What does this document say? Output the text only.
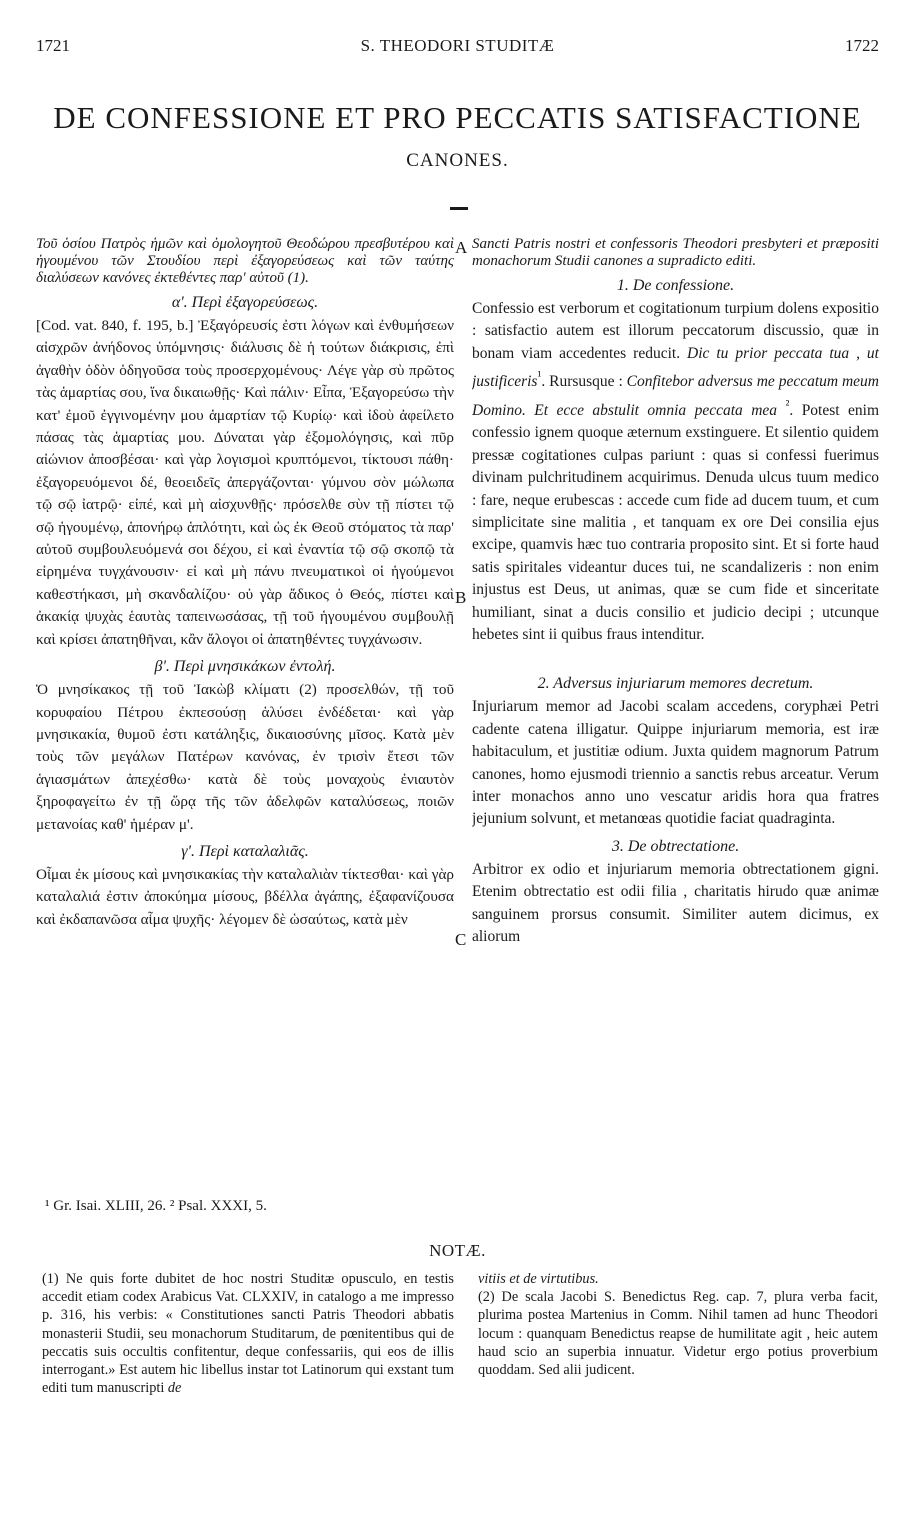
1721	S. THEODORI STUDITÆ	1722
DE CONFESSIONE ET PRO PECCATIS SATISFACTIONE
CANONES.

Τοῦ ὁσίου Πατρὸς ἡμῶν καὶ ὁμολογητοῦ Θεοδώρου πρεσβυτέρου καὶ ἡγουμένου τῶν Στουδίου περὶ ἐξαγορεύσεως καὶ τῶν ταύτης διαλύσεων κανόνες ἐκτεθέντες παρ' αὐτοῦ (1).

α'. Περὶ ἐξαγορεύσεως.

[Cod. vat. 840, f. 195, b.] Ἐξαγόρευσίς ἐστι λόγων καὶ ἐνθυμήσεων αἰσχρῶν ἀνήδονος ὑπόμνησις· διάλυσις δὲ ἡ τούτων διάκρισις, ἐπὶ ἀγαθὴν ὁδὸν ὁδηγοῦσα τοὺς προσερχομένους· Λέγε γὰρ σὺ πρῶτος τὰς ἁμαρτίας σου, ἵνα δικαιωθῇς· Καὶ πάλιν· Εἶπα, Ἐξαγορεύσω τὴν κατ' ἐμοῦ ἐγγινομένην μου ἁμαρτίαν τῷ Κυρίῳ· καὶ ἰδοὺ ἀφείλετο πάσας τὰς ἁμαρτίας μου. Δύναται γὰρ ἐξομολόγησις, καὶ πῦρ αἰώνιον ἀποσβέσαι· καὶ γὰρ λογισμοὶ κρυπτόμενοι, τίκτουσι πάθη· ἐξαγορευόμενοι δέ, θεοειδεῖς ἀπεργάζονται· γύμνου σὸν μώλωπα τῷ σῷ ἰατρῷ· εἰπέ, καὶ μὴ αἰσχυνθῇς· πρόσελθε σὺν τῇ πίστει τῷ σῷ ἡγουμένῳ, ἁπονήρῳ ἁπλότητι, καὶ ὡς ἐκ Θεοῦ στόματος τὰ παρ' αὐτοῦ συμβουλευόμενά σοι δέχου, εἰ καὶ ἐναντία τῷ σῷ σκοπῷ τὰ εἰρημένα τυγχάνουσιν· εἰ καὶ μὴ πάνυ πνευματικοὶ οἱ ἡγούμενοι καθεστήκασι, μὴ σκανδαλίζου· οὐ γὰρ ἄδικος ὁ Θεός, πίστει καὶ ἀκακίᾳ ψυχὰς ἑαυτὰς ταπεινωσάσας, τῇ τοῦ ἡγουμένου συμβουλῇ καὶ κρίσει ἀπατηθῆναι, κἂν ἄλογοι οἱ ἀπατηθέντες τυγχάνωσιν.

β'. Περὶ μνησικάκων ἐντολή.

Ὁ μνησίκακος τῇ τοῦ Ἰακὼβ κλίματι (2) προσελθών, τῇ τοῦ κορυφαίου Πέτρου ἐκπεσούσῃ ἁλύσει ἐνδέδεται· καὶ γὰρ μνησικακία, θυμοῦ ἐστι κατάληξις, δικαιοσύνης μῖσος. Κατὰ μὲν τοὺς τῶν μεγάλων Πατέρων κανόνας, ἐν τρισὶν ἔτεσι τῶν ἁγιασμάτων ἀπεχέσθω· κατὰ δὲ τοὺς μοναχοὺς ἐνιαυτὸν ξηροφαγείτω ἐν τῇ ὥρᾳ τῆς τῶν ἀδελφῶν καταλύσεως, ποιῶν μετανοίας καθ' ἡμέραν μ'.

γ'. Περὶ καταλαλιᾶς.

Οἶμαι ἐκ μίσους καὶ μνησικακίας τὴν καταλαλιὰν τίκτεσθαι· καὶ γὰρ καταλαλιά ἐστιν ἀποκύημα μίσους, βδέλλα ἀγάπης, ἐξαφανίζουσα καὶ ἐκδαπανῶσα αἷμα ψυχῆς· λέγομεν δὲ ὡσαύτως, κατὰ μὲν

A
B
C

Sancti Patris nostri et confessoris Theodori presbyteri et præpositi monachorum Studii canones a supradicto editi.

1. De confessione.

Confessio est verborum et cogitationum turpium dolens expositio : satisfactio autem est illorum peccatorum discussio, quæ in bonam viam accedentes reducit. Dic tu prior peccata tua , ut justificeris$^{^1}$. Rursusque : Confitebor adversus me peccatum meum Domino. Et ecce abstulit omnia peccata mea $^{^2}$. Potest enim confessio ignem quoque æternum exstinguere. Et silentio quidem pressæ cogitationes culpas pariunt : quas si confessi fuerimus divinam pulchritudinem acquirimus. Denuda ulcus tuum medico : fare, neque erubescas : accede cum fide ad ducem tuum, et cum simplicitate sine malitia , et tanquam ex ore Dei consilia ejus excipe, quamvis hæc tuo contraria proposito sint. Et si forte haud satis spiritales videantur duces tui, ne scandalizeris : non enim injustus est Deus, ut animas, quæ se cum fide et sinceritate humiliant, sinat a ducis consilio et judicio decipi ; utcunque hebetes sint ii quibus fraus intenditur.

2. Adversus injuriarum memores decretum.

Injuriarum memor ad Jacobi scalam accedens, coryphæi Petri cadente catena illigatur. Quippe injuriarum memoria, est iræ habitaculum, et justitiæ odium. Juxta quidem magnorum Patrum canones, homo ejusmodi triennio a sanctis rebus arceatur. Verum inter monachos anno uno vescatur aridis hora qua fratres jejunium solvunt, et metanœas quotidie faciat quadraginta.

3. De obtrectatione.

Arbitror ex odio et injuriarum memoria obtrectationem gigni. Etenim obtrectatio est odii filia , charitatis hirudo quæ animæ sanguinem prorsus consumit. Similiter autem dicimus, ex aliorum

¹ Gr. Isai. XLIII, 26. ² Psal. XXXI, 5.
NOTÆ.

(1) Ne quis forte dubitet de hoc nostri Studitæ opusculo, en testis accedit etiam codex Arabicus Vat. CLXXIV, in catalogo a me impresso p. 316, his verbis: « Constitutiones sancti Patris Theodori abbatis monasterii Studii, seu monachorum Studitarum, de pœnitentibus qui de peccatis suis occultis confitentur, deque confessariis, qui eos de illis interrogant.» Est autem hic libellus instar tot Latinorum qui exstant tum editi tum manuscripti de

vitiis et de virtutibus.

(2) De scala Jacobi S. Benedictus Reg. cap. 7, plura verba facit, plurima postea Martenius in Comm. Nihil tamen ad hunc Theodori locum : quanquam Benedictus reapse de humilitate agit , heic autem haud scio an superbia innuatur. Videtur ergo potius proverbium quoddam. Sed alii judicent.
